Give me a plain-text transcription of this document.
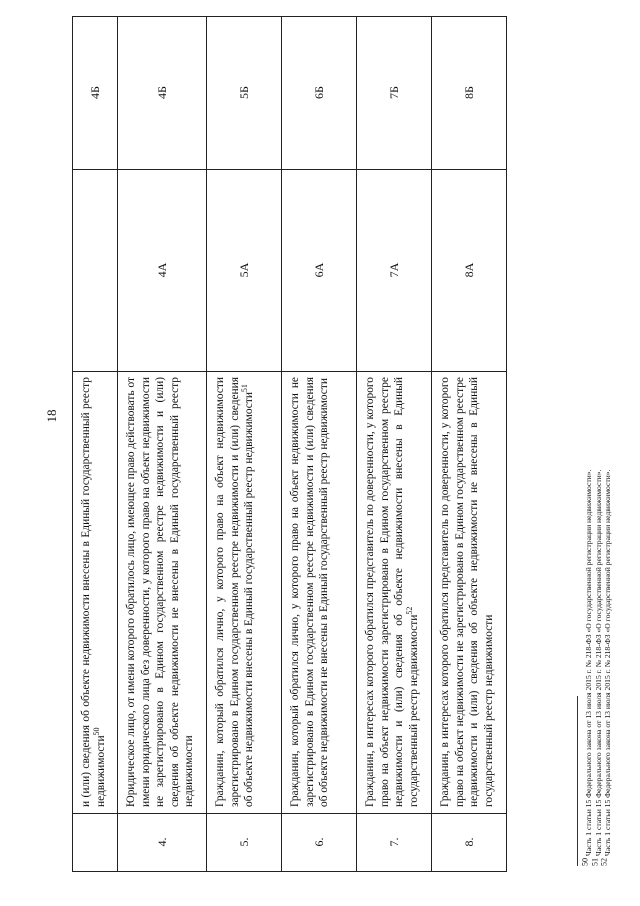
18
	и (или) сведения об объекте недвижимости внесены в Единый государственный реестр недвижимости$^{50}$		4Б
4.	Юридическое лицо, от имени которого обратилось лицо, имеющее право действовать от имени юридического лица без доверенности, у которого право на объект недвижимости не зарегистрировано в Едином государственном реестре недвижимости и (или) сведения об объекте недвижимости не внесены в Единый государственный реестр недвижимости	4А	4Б
5.	Гражданин, который обратился лично, у которого право на объект недвижимости зарегистрировано в Едином государственном реестре недвижимости и (или) сведения об объекте недвижимости внесены в Единый государственный реестр недвижимости$^{51}$	5А	5Б
6.	Гражданин, который обратился лично, у которого право на объект недвижимости не зарегистрировано в Едином государственном реестре недвижимости и (или) сведения об объекте недвижимости не внесены в Единый государственный реестр недвижимости	6А	6Б
7.	Гражданин, в интересах которого обратился представитель по доверенности, у которого право на объект недвижимости зарегистрировано в Едином государственном реестре недвижимости и (или) сведения об объекте недвижимости внесены в Единый государственный реестр недвижимости$^{52}$	7А	7Б
8.	Гражданин, в интересах которого обратился представитель по доверенности, у которого право на объект недвижимости не зарегистрировано в Едином государственном реестре недвижимости и (или) сведения об объекте недвижимости не внесены в Единый государственный реестр недвижимости	8А	8Б
$^{50}$ Часть 1 статьи 15 Федерального закона от 13 июля 2015 г. № 218-ФЗ «О государственной регистрации недвижимости».
$^{51}$ Часть 1 статьи 15 Федерального закона от 13 июля 2015 г. № 218-ФЗ «О государственной регистрации недвижимости».
$^{52}$ Часть 1 статьи 15 Федерального закона от 13 июля 2015 г. № 218-ФЗ «О государственной регистрации недвижимости».
